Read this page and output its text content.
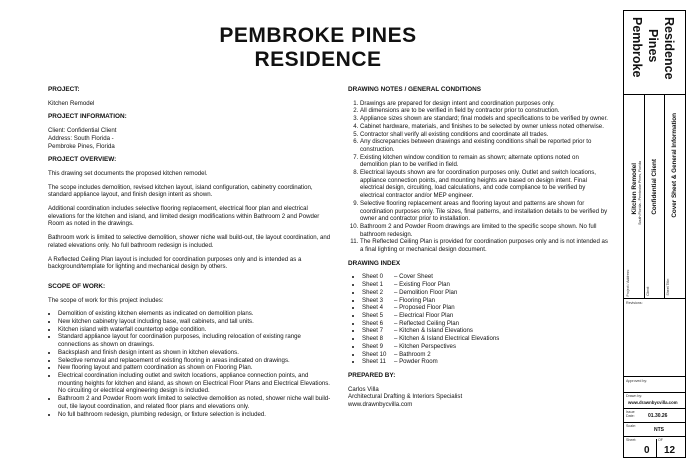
PEMBROKE PINES
RESIDENCE
PROJECT:
Kitchen Remodel
PROJECT INFORMATION:
Client: Confidential Client
Address: South Florida -
Pembroke Pines, Florida
PROJECT OVERVIEW:
This drawing set documents the proposed kitchen remodel.
The scope includes demolition, revised kitchen layout, island configuration, cabinetry coordination, standard appliance layout, and finish design intent as shown.
Additional coordination includes selective flooring replacement, electrical floor plan and electrical elevations for the kitchen and island, and limited design modifications within Bathroom 2 and Powder Room as noted in the drawings.
Bathroom work is limited to selective demolition, shower niche wall build-out, tile layout coordination, and related elevations only. No full bathroom redesign is included.
A Reflected Ceiling Plan layout is included for coordination purposes only and is intended as a background/template for lighting and mechanical design by others.
SCOPE OF WORK:
The scope of work for this project includes:
• Demolition of existing kitchen elements as indicated on demolition plans.
• New kitchen cabinetry layout including base, wall cabinets, and tall units.
• Kitchen island with waterfall countertop edge condition.
• Standard appliance layout for coordination purposes, including relocation of existing range connections as shown on drawings.
• Backsplash and finish design intent as shown in kitchen elevations.
• Selective removal and replacement of existing flooring in areas indicated on drawings.
• New flooring layout and pattern coordination as shown on Flooring Plan.
• Electrical coordination including outlet and switch locations, appliance connection points, and mounting heights for kitchen and island, as shown on Electrical Floor Plans and Electrical Elevations. No circuiting or electrical engineering design is included.
• Bathroom 2 and Powder Room work limited to selective demolition as noted, shower niche wall build-out, tile layout coordination, and related floor plans and elevations only.
• No full bathroom redesign, plumbing redesign, or fixture selection is included.
DRAWING NOTES / GENERAL CONDITIONS
1. Drawings are prepared for design intent and coordination purposes only.
2. All dimensions are to be verified in field by contractor prior to construction.
3. Appliance sizes shown are standard; final models and specifications to be verified by owner.
4. Cabinet hardware, materials, and finishes to be selected by owner unless noted otherwise.
5. Contractor shall verify all existing conditions and coordinate all trades.
6. Any discrepancies between drawings and existing conditions shall be reported prior to construction.
7. Existing kitchen window condition to remain as shown; alternate options noted on demolition plan to be verified in field.
8. Electrical layouts shown are for coordination purposes only. Outlet and switch locations, appliance connection points, and mounting heights are based on design intent. Final electrical design, circuiting, load calculations, and code compliance to be verified by electrical contractor and/or MEP engineer.
9. Selective flooring replacement areas and flooring layout and patterns are shown for coordination purposes only. Tile sizes, final patterns, and installation details to be verified by owner and contractor prior to installation.
10. Bathroom 2 and Powder Room drawings are limited to the specific scope shown. No full bathroom redesign.
11. The Reflected Ceiling Plan is provided for coordination purposes only and is not intended as a final lighting or mechanical design document.
DRAWING INDEX
• Sheet 0 – Cover Sheet
• Sheet 1 – Existing Floor Plan
• Sheet 2 – Demolition Floor Plan
• Sheet 3 – Flooring Plan
• Sheet 4 – Proposed Floor Plan
• Sheet 5 – Electrical Floor Plan
• Sheet 6 – Reflected Ceiling Plan
• Sheet 7 – Kitchen & Island Elevations
• Sheet 8 – Kitchen & Island Electrical Elevations
• Sheet 9 – Kitchen Perspectives
• Sheet 10 – Bathroom 2
• Sheet 11 – Powder Room
PREPARED BY:
Carlos Villa
Architectural Drafting & Interiors Specialist
www.drawnbycvilla.com
Pembroke Pines Residence
Project / Address:
Kitchen Remodel South Florida - Pembroke Pines, Florida
Client:
Confidential Client
Sheet Title:
Cover Sheet & General Information
Revisions:
Approved by:
Drawn by:
www.drawnbycvilla.com
Issue Date:	01.30.26
Scale:
NTS
Sheet:
0
OF
12
